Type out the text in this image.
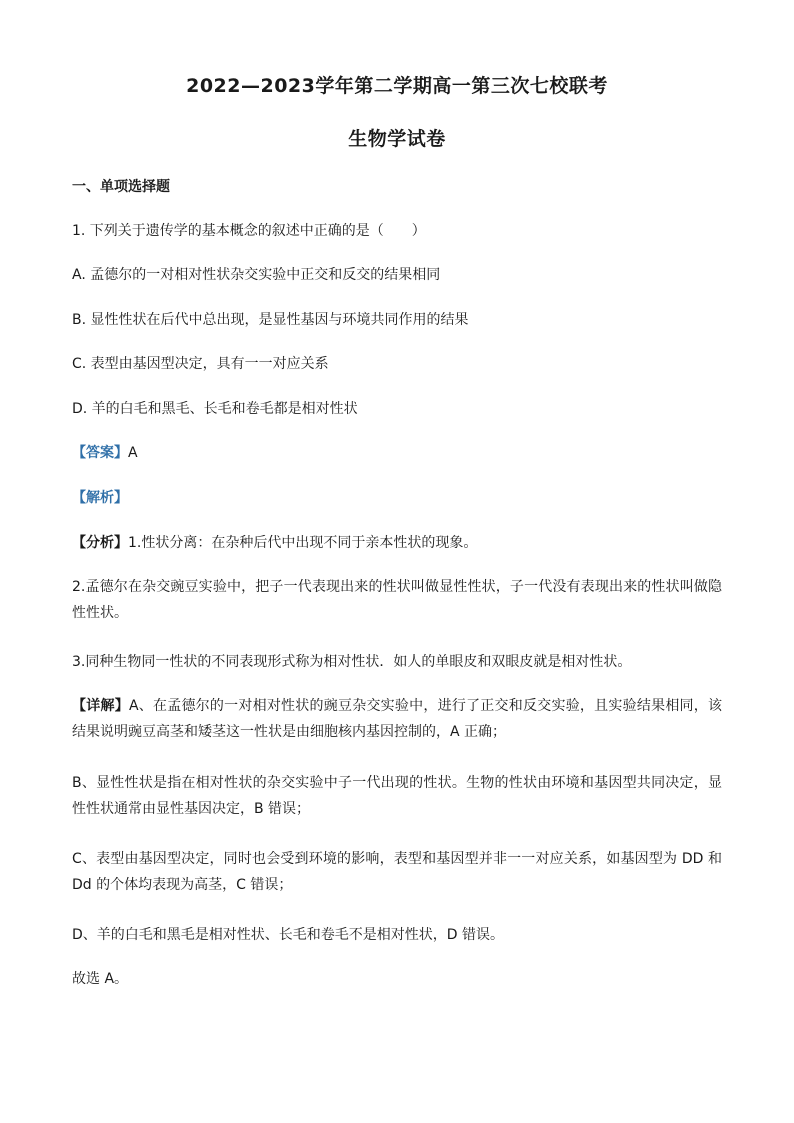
2022—2023学年第二学期高一第三次七校联考
生物学试卷
一、单项选择题
1. 下列关于遗传学的基本概念的叙述中正确的是（　　）
A. 孟德尔的一对相对性状杂交实验中正交和反交的结果相同
B. 显性性状在后代中总出现，是显性基因与环境共同作用的结果
C. 表型由基因型决定，具有一一对应关系
D. 羊的白毛和黑毛、长毛和卷毛都是相对性状
【答案】A
【解析】
【分析】1.性状分离：在杂种后代中出现不同于亲本性状的现象。
2.孟德尔在杂交豌豆实验中，把子一代表现出来的性状叫做显性性状，子一代没有表现出来的性状叫做隐性性状。
3.同种生物同一性状的不同表现形式称为相对性状．如人的单眼皮和双眼皮就是相对性状。
【详解】A、在孟德尔的一对相对性状的豌豆杂交实验中，进行了正交和反交实验，且实验结果相同，该结果说明豌豆高茎和矮茎这一性状是由细胞核内基因控制的，A 正确；
B、显性性状是指在相对性状的杂交实验中子一代出现的性状。生物的性状由环境和基因型共同决定，显性性状通常由显性基因决定，B 错误；
C、表型由基因型决定，同时也会受到环境的影响，表型和基因型并非一一对应关系，如基因型为 DD 和 Dd 的个体均表现为高茎，C 错误；
D、羊的白毛和黑毛是相对性状、长毛和卷毛不是相对性状，D 错误。
故选 A。
